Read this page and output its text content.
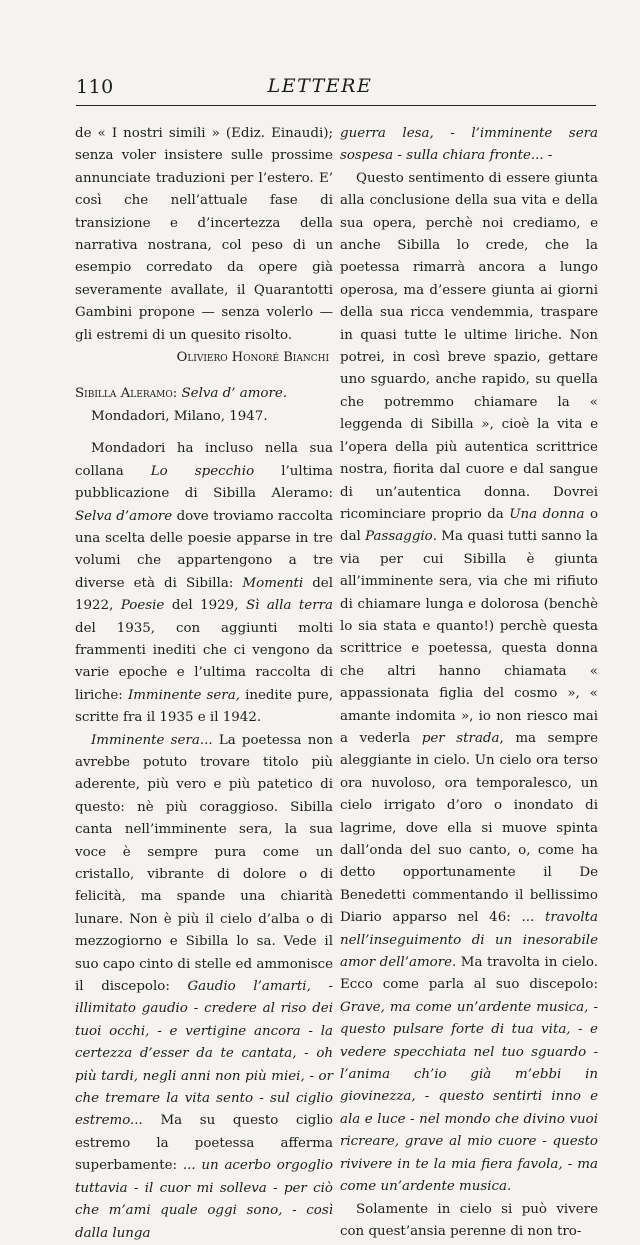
110	LETTERE

de « I nostri simili » (Ediz. Einaudi); senza voler insistere sulle prossime annunciate traduzioni per l’estero. E’ così che nell’attuale fase di transizione e d’incertezza della narrativa nostrana, col peso di un esempio corredato da opere già severamente avallate, il Quarantotti Gambini propone — senza volerlo — gli estremi di un quesito risolto.

Oliviero Honoré Bianchi

Sibilla Aleramo: Selva d’ amore.
Mondadori, Milano, 1947.

Mondadori ha incluso nella sua collana Lo specchio l’ultima pubblicazione di Sibilla Aleramo: Selva d’amore dove troviamo raccolta una scelta delle poesie apparse in tre volumi che appartengono a tre diverse età di Sibilla: Momenti del 1922, Poesie del 1929, Sì alla terra del 1935, con aggiunti molti frammenti inediti che ci vengono da varie epoche e l’ultima raccolta di liriche: Imminente sera, inedite pure, scritte fra il 1935 e il 1942.

Imminente sera... La poetessa non avrebbe potuto trovare titolo più aderente, più vero e più patetico di questo: nè più coraggioso. Sibilla canta nell’imminente sera, la sua voce è sempre pura come un cristallo, vibrante di dolore o di felicità, ma spande una chiarità lunare. Non è più il cielo d’alba o di mezzogiorno e Sibilla lo sa. Vede il suo capo cinto di stelle ed ammonisce il discepolo: Gaudio l’amarti, - illimitato gaudio - credere al riso dei tuoi occhi, - e vertigine ancora - la certezza d’esser da te cantata, - oh più tardi, negli anni non più miei, - or che tremare la vita sento - sul ciglio estremo... Ma su questo ciglio estremo la poetessa afferma superbamente: ... un acerbo orgoglio tuttavia - il cuor mi solleva - per ciò che m’ami quale oggi sono, - così dalla lunga

guerra lesa, - l’imminente sera sospesa - sulla chiara fronte... -

Questo sentimento di essere giunta alla conclusione della sua vita e della sua opera, perchè noi crediamo, e anche Sibilla lo crede, che la poetessa rimarrà ancora a lungo operosa, ma d’essere giunta ai giorni della sua ricca vendemmia, traspare in quasi tutte le ultime liriche. Non potrei, in così breve spazio, gettare uno sguardo, anche rapido, su quella che potremmo chiamare la « leggenda di Sibilla », cioè la vita e l’opera della più autentica scrittrice nostra, fiorita dal cuore e dal sangue di un’autentica donna. Dovrei ricominciare proprio da Una donna o dal Passaggio. Ma quasi tutti sanno la via per cui Sibilla è giunta all’imminente sera, via che mi rifiuto di chiamare lunga e dolorosa (benchè lo sia stata e quanto!) perchè questa scrittrice e poetessa, questa donna che altri hanno chiamata « appassionata figlia del cosmo », « amante indomita », io non riesco mai a vederla per strada, ma sempre aleggiante in cielo. Un cielo ora terso ora nuvoloso, ora temporalesco, un cielo irrigato d’oro o inondato di lagrime, dove ella si muove spinta dall’onda del suo canto, o, come ha detto opportunamente il De Benedetti commentando il bellissimo Diario apparso nel 46: ... travolta nell’inseguimento di un inesorabile amor dell’amore. Ma travolta in cielo. Ecco come parla al suo discepolo: Grave, ma come un’ardente musica, - questo pulsare forte di tua vita, - e vedere specchiata nel tuo sguardo - l’anima ch’io già m’ebbi in giovinezza, - questo sentirti inno e ala e luce - nel mondo che divino vuoi ricreare, grave al mio cuore - questo rivivere in te la mia fiera favola, - ma come un’ardente musica.

Solamente in cielo si può vivere con quest’ansia perenne di non tro-
